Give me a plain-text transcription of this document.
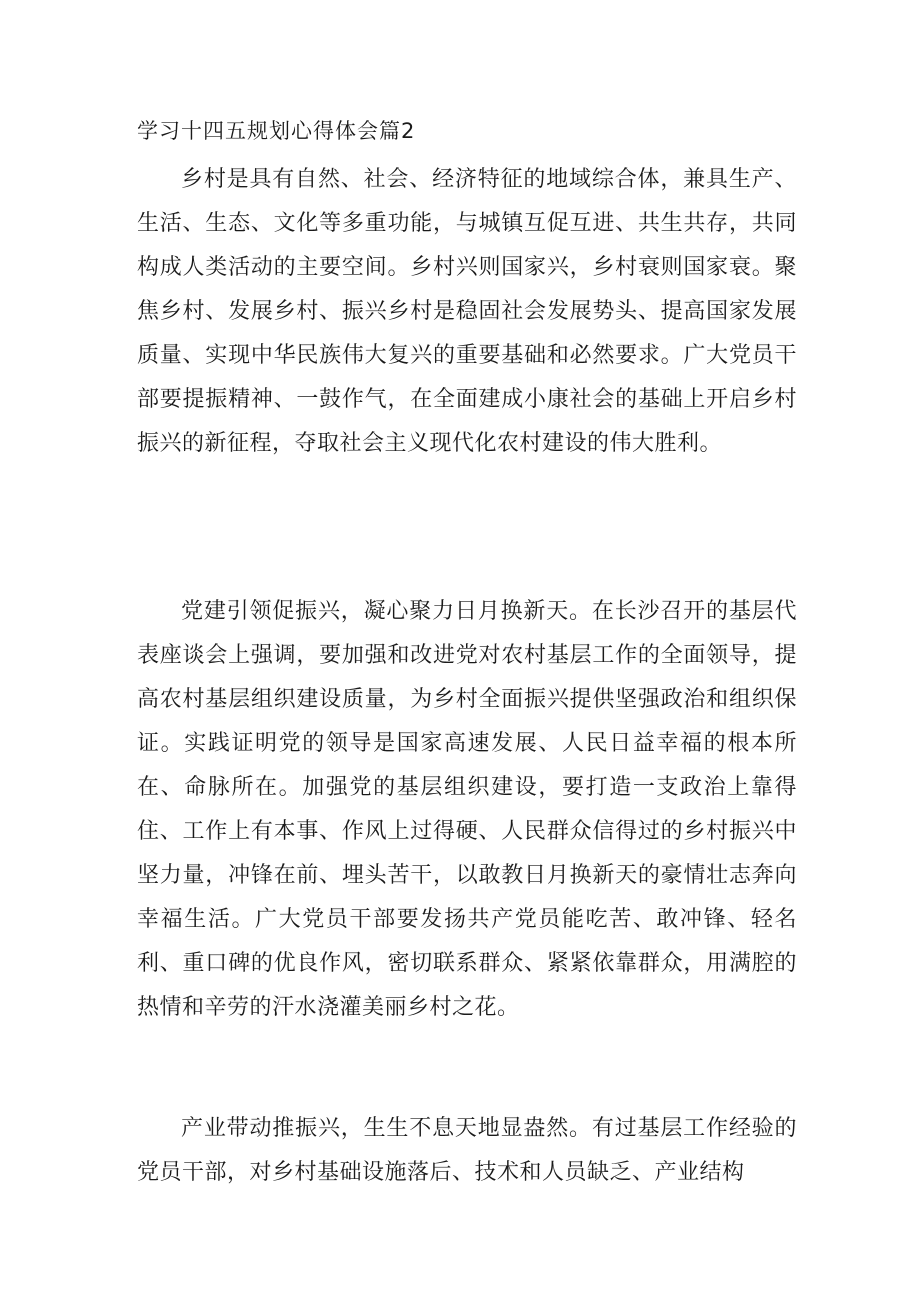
学习十四五规划心得体会篇2

乡村是具有自然、社会、经济特征的地域综合体，兼具生产、生活、生态、文化等多重功能，与城镇互促互进、共生共存，共同构成人类活动的主要空间。乡村兴则国家兴，乡村衰则国家衰。聚焦乡村、发展乡村、振兴乡村是稳固社会发展势头、提高国家发展质量、实现中华民族伟大复兴的重要基础和必然要求。广大党员干部要提振精神、一鼓作气，在全面建成小康社会的基础上开启乡村振兴的新征程，夺取社会主义现代化农村建设的伟大胜利。

党建引领促振兴，凝心聚力日月换新天。在长沙召开的基层代表座谈会上强调，要加强和改进党对农村基层工作的全面领导，提高农村基层组织建设质量，为乡村全面振兴提供坚强政治和组织保证。实践证明党的领导是国家高速发展、人民日益幸福的根本所在、命脉所在。加强党的基层组织建设，要打造一支政治上靠得住、工作上有本事、作风上过得硬、人民群众信得过的乡村振兴中坚力量，冲锋在前、埋头苦干，以敢教日月换新天的豪情壮志奔向幸福生活。广大党员干部要发扬共产党员能吃苦、敢冲锋、轻名利、重口碑的优良作风，密切联系群众、紧紧依靠群众，用满腔的热情和辛劳的汗水浇灌美丽乡村之花。

产业带动推振兴，生生不息天地显盎然。有过基层工作经验的党员干部，对乡村基础设施落后、技术和人员缺乏、产业结构
